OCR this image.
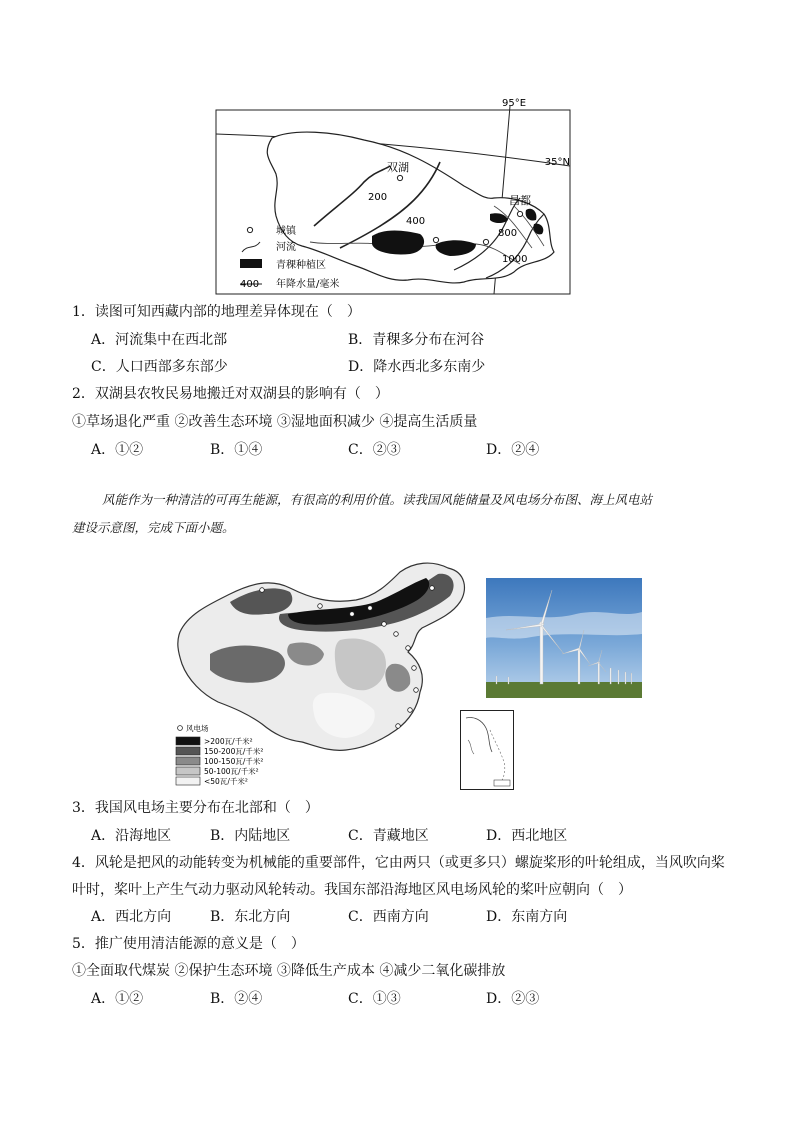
95°E
35°N
双湖
昌都
200
400
800
1000
城镇
河流
青稞种植区
400 年降水量/毫米
1．读图可知西藏内部的地理差异体现在（　）
A．河流集中在西北部	B．青稞多分布在河谷
C．人口西部多东部少	D．降水西北多东南少
2．双湖县农牧民易地搬迁对双湖县的影响有（　）
①草场退化严重 ②改善生态环境 ③湿地面积减少 ④提高生活质量
A．①②	B．①④	C．②③	D．②④
风能作为一种清洁的可再生能源，有很高的利用价值。读我国风能储量及风电场分布图、海上风电站
建设示意图，完成下面小题。
风电场
>200瓦/千米²
150-200瓦/千米²
100-150瓦/千米²
50-100瓦/千米²
<50瓦/千米²
3．我国风电场主要分布在北部和（　）
A．沿海地区	B．内陆地区	C．青藏地区	D．西北地区
4．风轮是把风的动能转变为机械能的重要部件，它由两只（或更多只）螺旋桨形的叶轮组成，当风吹向桨
叶时，桨叶上产生气动力驱动风轮转动。我国东部沿海地区风电场风轮的桨叶应朝向（　）
A．西北方向	B．东北方向	C．西南方向	D．东南方向
5．推广使用清洁能源的意义是（　）
①全面取代煤炭 ②保护生态环境 ③降低生产成本 ④减少二氧化碳排放
A．①②	B．②④	C．①③	D．②③
